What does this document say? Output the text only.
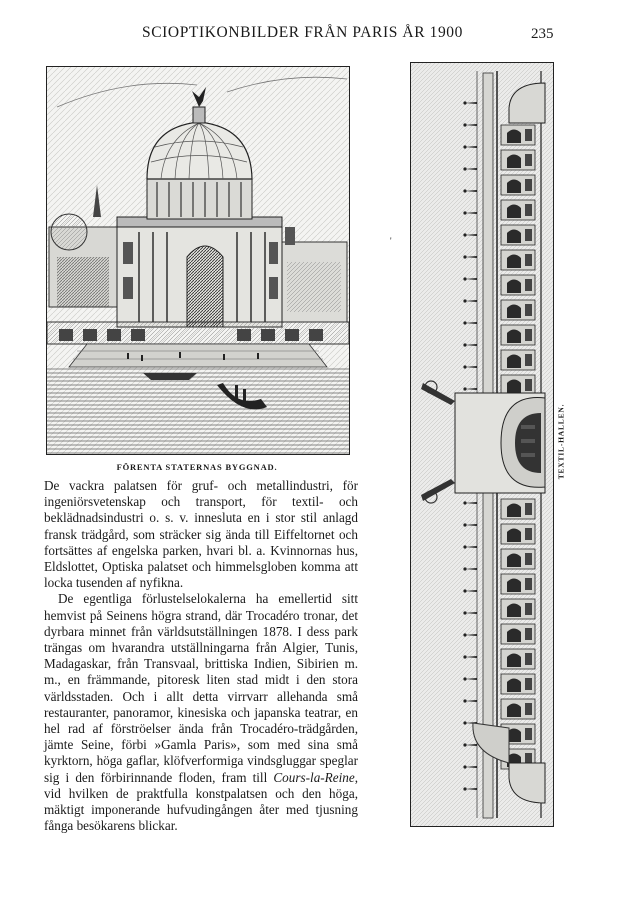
SCIOPTIKONBILDER FRÅN PARIS ÅR 1900	235
FÖRENTA STATERNAS BYGGNAD.

De vackra palatsen för gruf- och metallindustri, för ingeniörsvetenskap och transport, för textil- och beklädnadsindustri o. s. v. innesluta en i stor stil anlagd fransk trädgård, som sträcker sig ända till Eiffeltornet och fortsättes af engelska parken, hvari bl. a. Kvinnornas hus, Eldslottet, Optiska palatset och himmelsgloben komma att locka tusenden af nyfikna.

De egentliga förlustelselokalerna ha emellertid sitt hemvist på Seinens högra strand, där Trocadéro tronar, det dyrbara minnet från världsutställningen 1878. I dess park trängas om hvarandra utställningarna från Algier, Tunis, Madagaskar, från Transvaal, brittiska Indien, Sibirien m. m., en främmande, pitoresk liten stad midt i den stora världsstaden. Och i allt detta virrvarr allehanda små restauranter, panoramor, kinesiska och japanska teatrar, en hel rad af förströelser ända från Trocadéro-trädgården, jämte Seine, förbi »Gamla Paris», som med sina små kyrktorn, höga gaflar, klöfverformiga vindsgluggar speglar sig i den förbirinnande floden, fram till Cours-la-Reine, vid hvilken de praktfulla konstpalatsen och den höga, mäktigt imponerande hufvudingången åter med tjusning fånga besökarens blickar.

'
TEXTIL-HALLEN.
